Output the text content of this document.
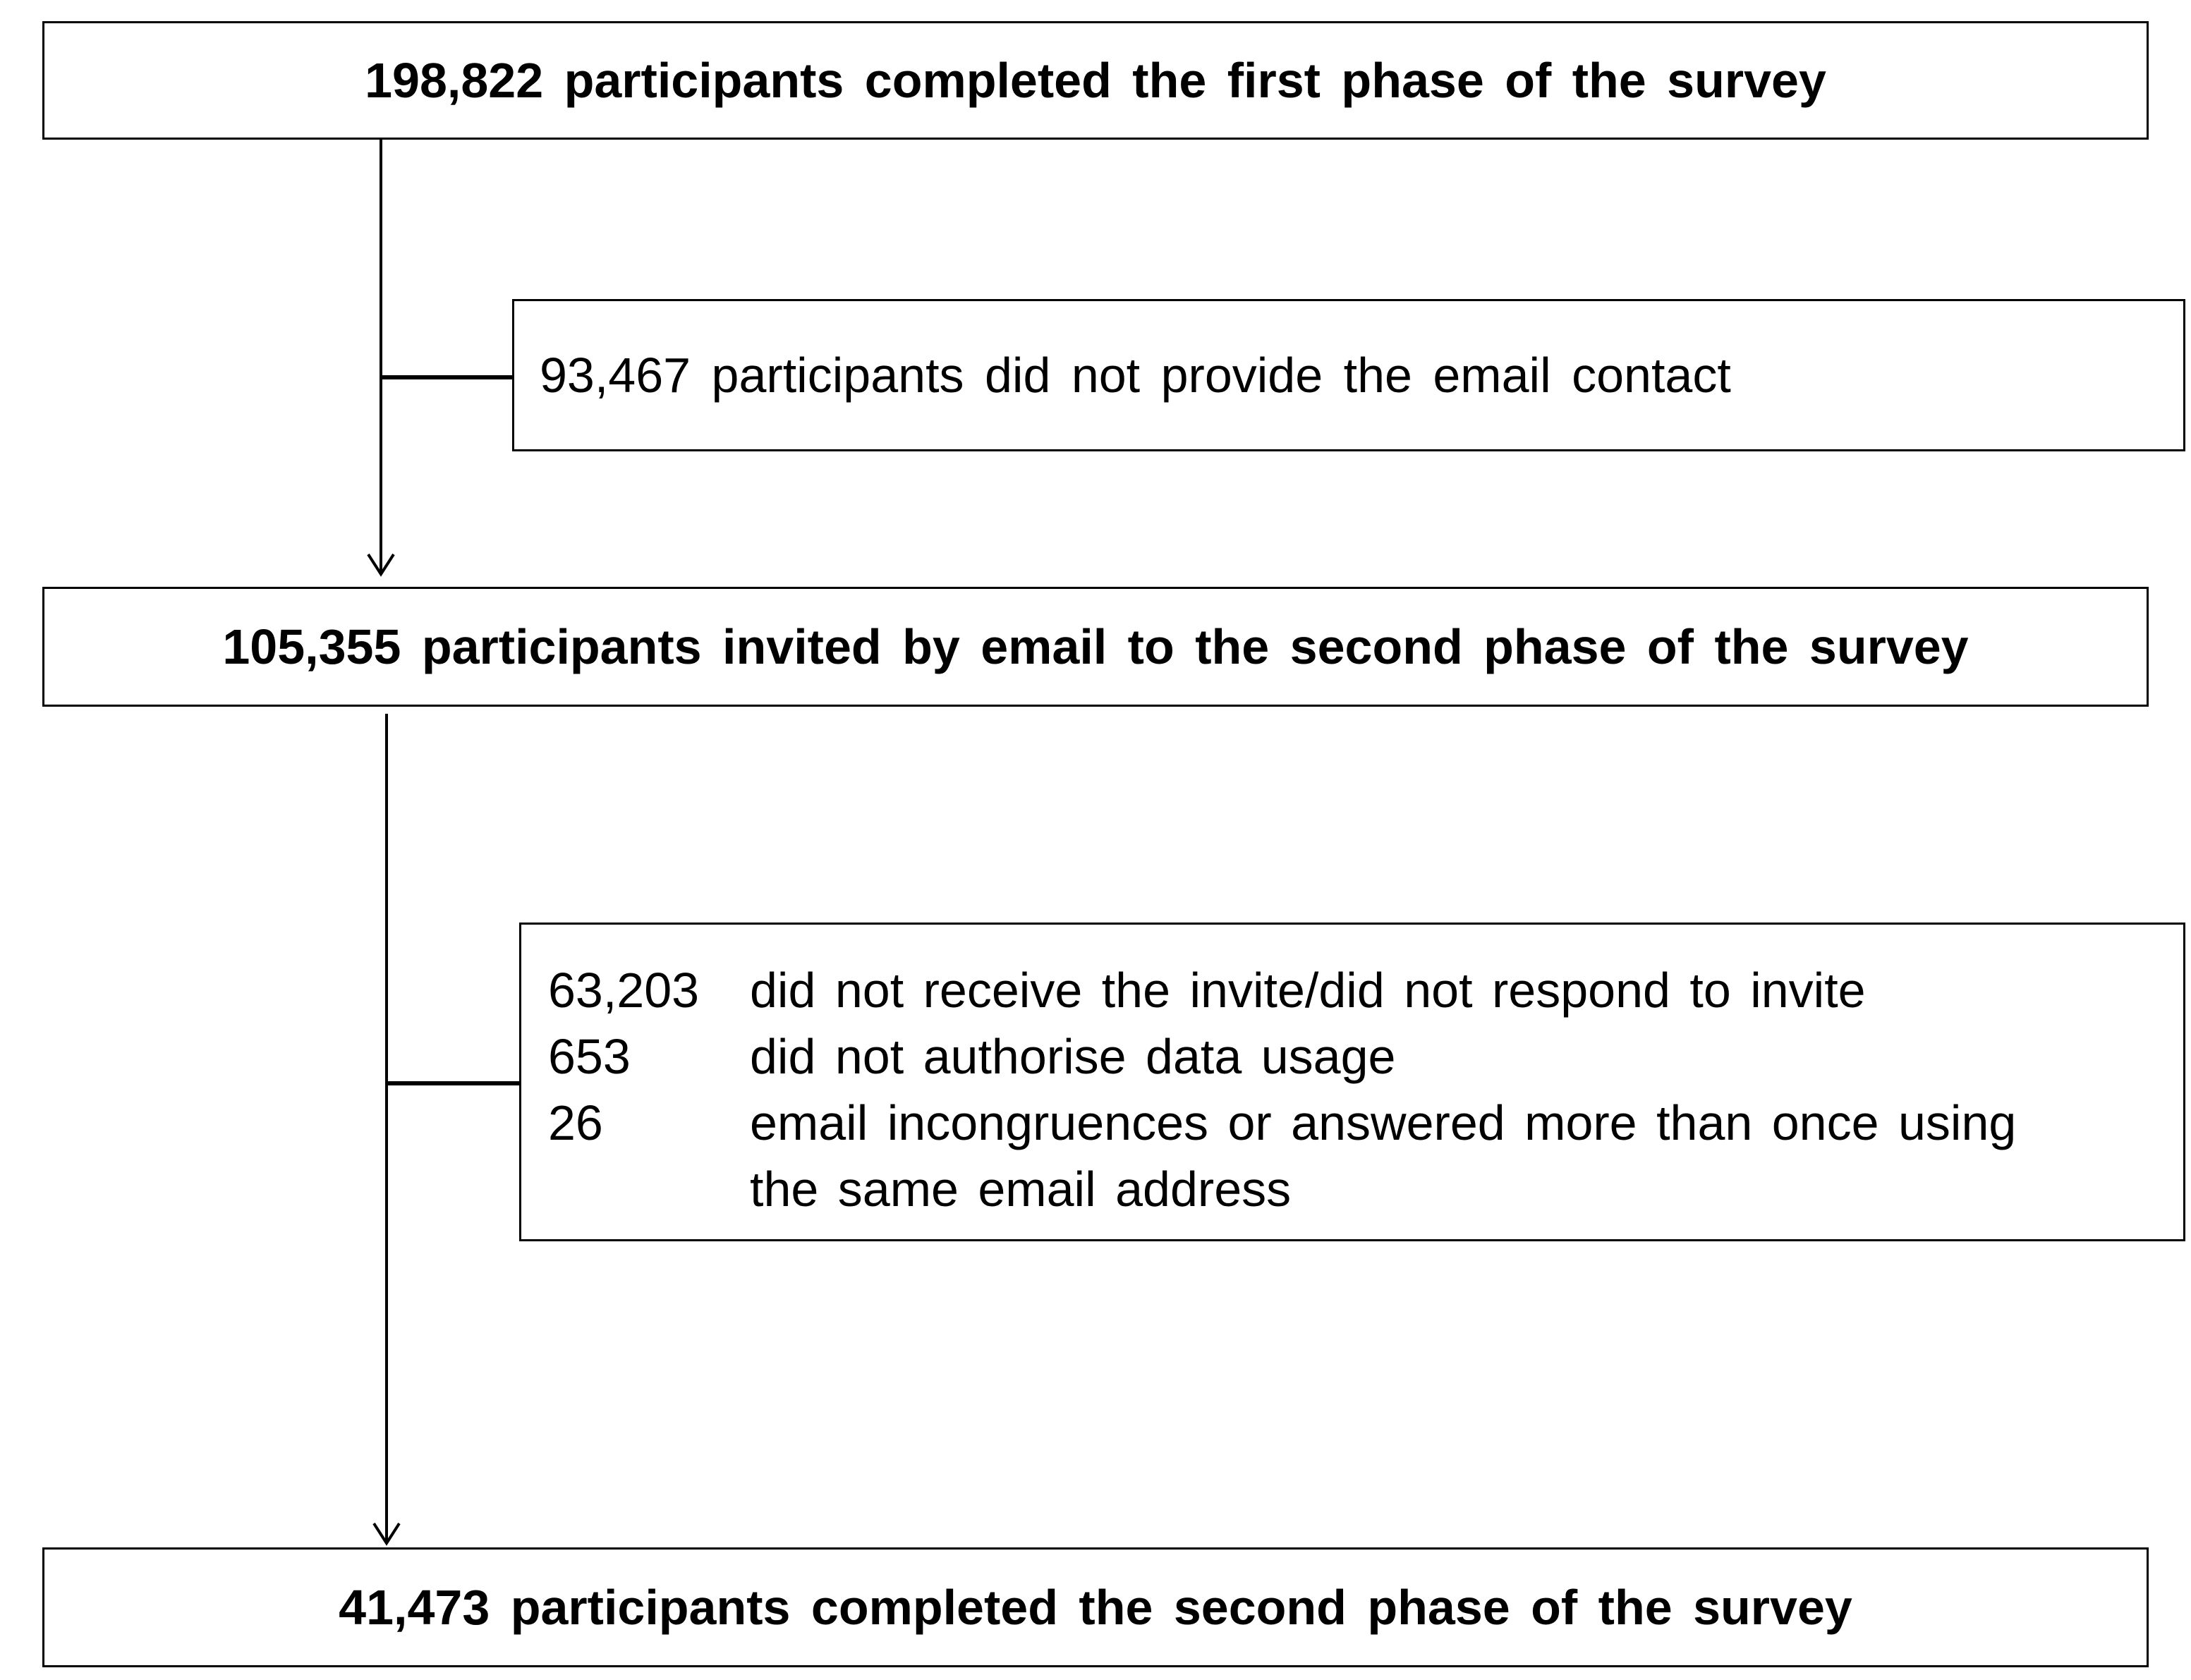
198,822 participants completed the first phase of the survey
93,467 participants did not provide the email contact
105,355 participants invited by email to the second phase of the survey
63,203	did not receive the invite/did not respond to invite
653	did not authorise data usage
26	email incongruences or answered more than once using
the same email address
41,473 participants completed the second phase of the survey
